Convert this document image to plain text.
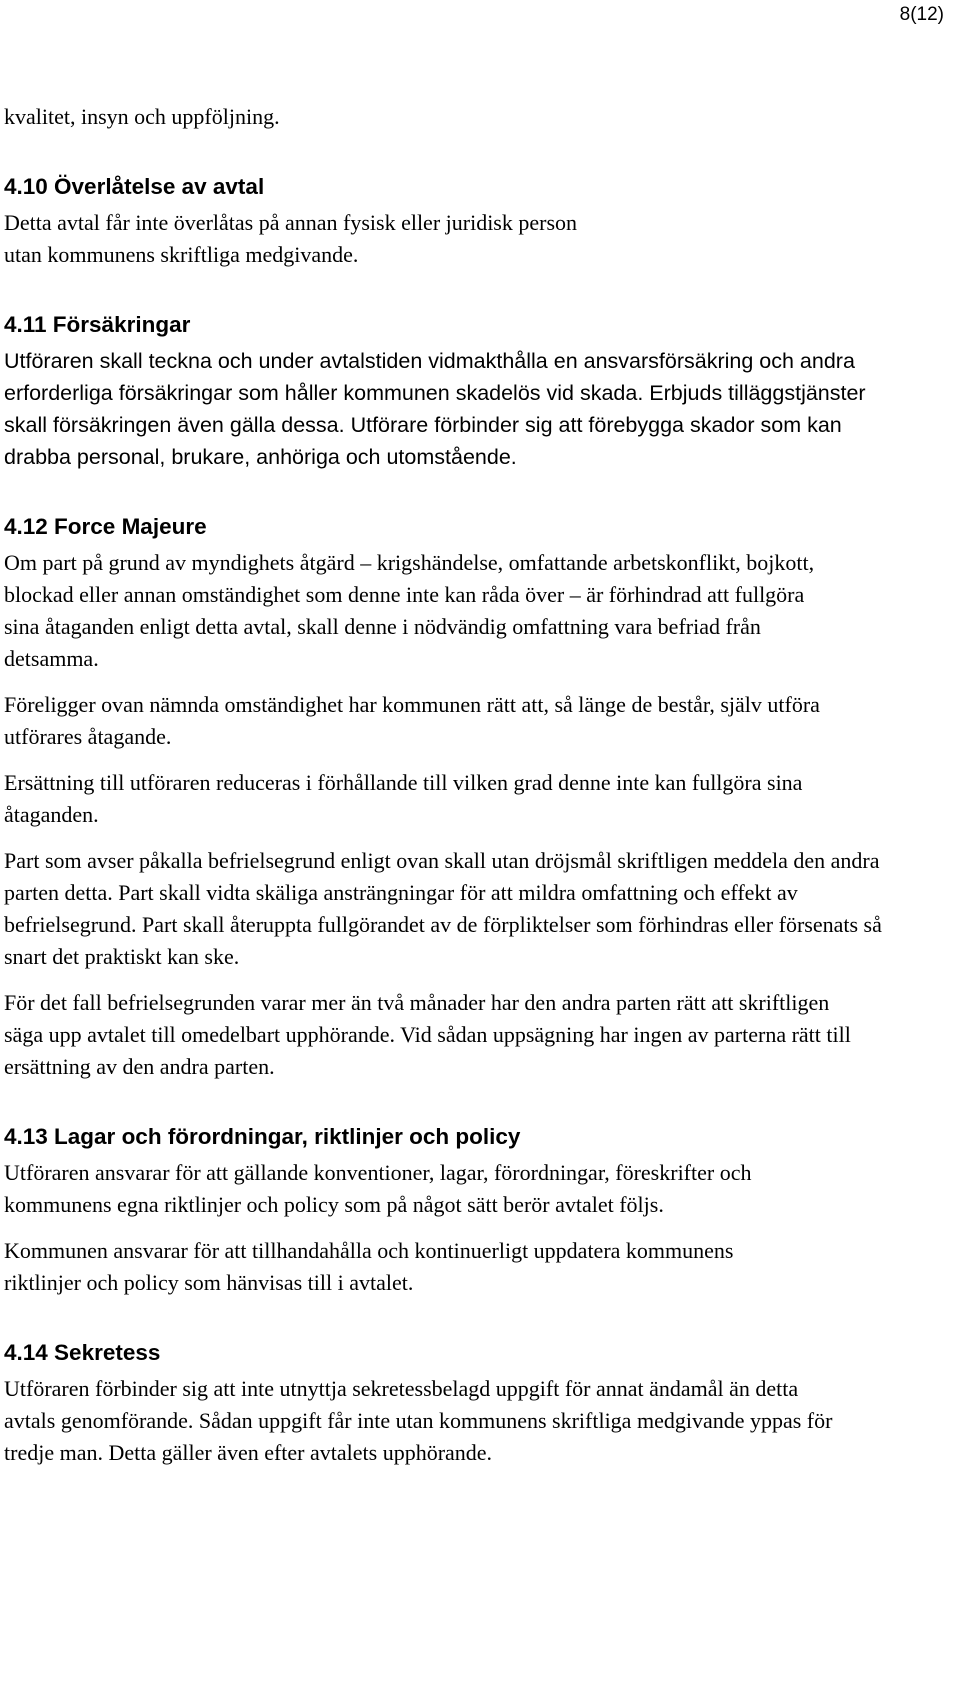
8(12)

kvalitet, insyn och uppföljning.

4.10 Överlåtelse av avtal

Detta avtal får inte överlåtas på annan fysisk eller juridisk person utan kommunens skriftliga medgivande.

4.11 Försäkringar

Utföraren skall teckna och under avtalstiden vidmakthålla en ansvarsförsäkring och andra erforderliga försäkringar som håller kommunen skadelös vid skada. Erbjuds tilläggstjänster skall försäkringen även gälla dessa. Utförare förbinder sig att förebygga skador som kan drabba personal, brukare, anhöriga och utomstående.

4.12 Force Majeure

Om part på grund av myndighets åtgärd – krigshändelse, omfattande arbetskonflikt, bojkott, blockad eller annan omständighet som denne inte kan råda över – är förhindrad att fullgöra sina åtaganden enligt detta avtal, skall denne i nödvändig omfattning vara befriad från detsamma.

Föreligger ovan nämnda omständighet har kommunen rätt att, så länge de består, själv utföra utförares åtagande.

Ersättning till utföraren reduceras i förhållande till vilken grad denne inte kan fullgöra sina åtaganden.

Part som avser påkalla befrielsegrund enligt ovan skall utan dröjsmål skriftligen meddela den andra parten detta. Part skall vidta skäliga ansträngningar för att mildra omfattning och effekt av befrielsegrund. Part skall återuppta fullgörandet av de förpliktelser som förhindras eller försenats så snart det praktiskt kan ske.

För det fall befrielsegrunden varar mer än två månader har den andra parten rätt att skriftligen säga upp avtalet till omedelbart upphörande. Vid sådan uppsägning har ingen av parterna rätt till ersättning av den andra parten.

4.13 Lagar och förordningar, riktlinjer och policy

Utföraren ansvarar för att gällande konventioner, lagar, förordningar, föreskrifter och kommunens egna riktlinjer och policy som på något sätt berör avtalet följs.

Kommunen ansvarar för att tillhandahålla och kontinuerligt uppdatera kommunens riktlinjer och policy som hänvisas till i avtalet.

4.14 Sekretess

Utföraren förbinder sig att inte utnyttja sekretessbelagd uppgift för annat ändamål än detta avtals genomförande. Sådan uppgift får inte utan kommunens skriftliga medgivande yppas för tredje man. Detta gäller även efter avtalets upphörande.
